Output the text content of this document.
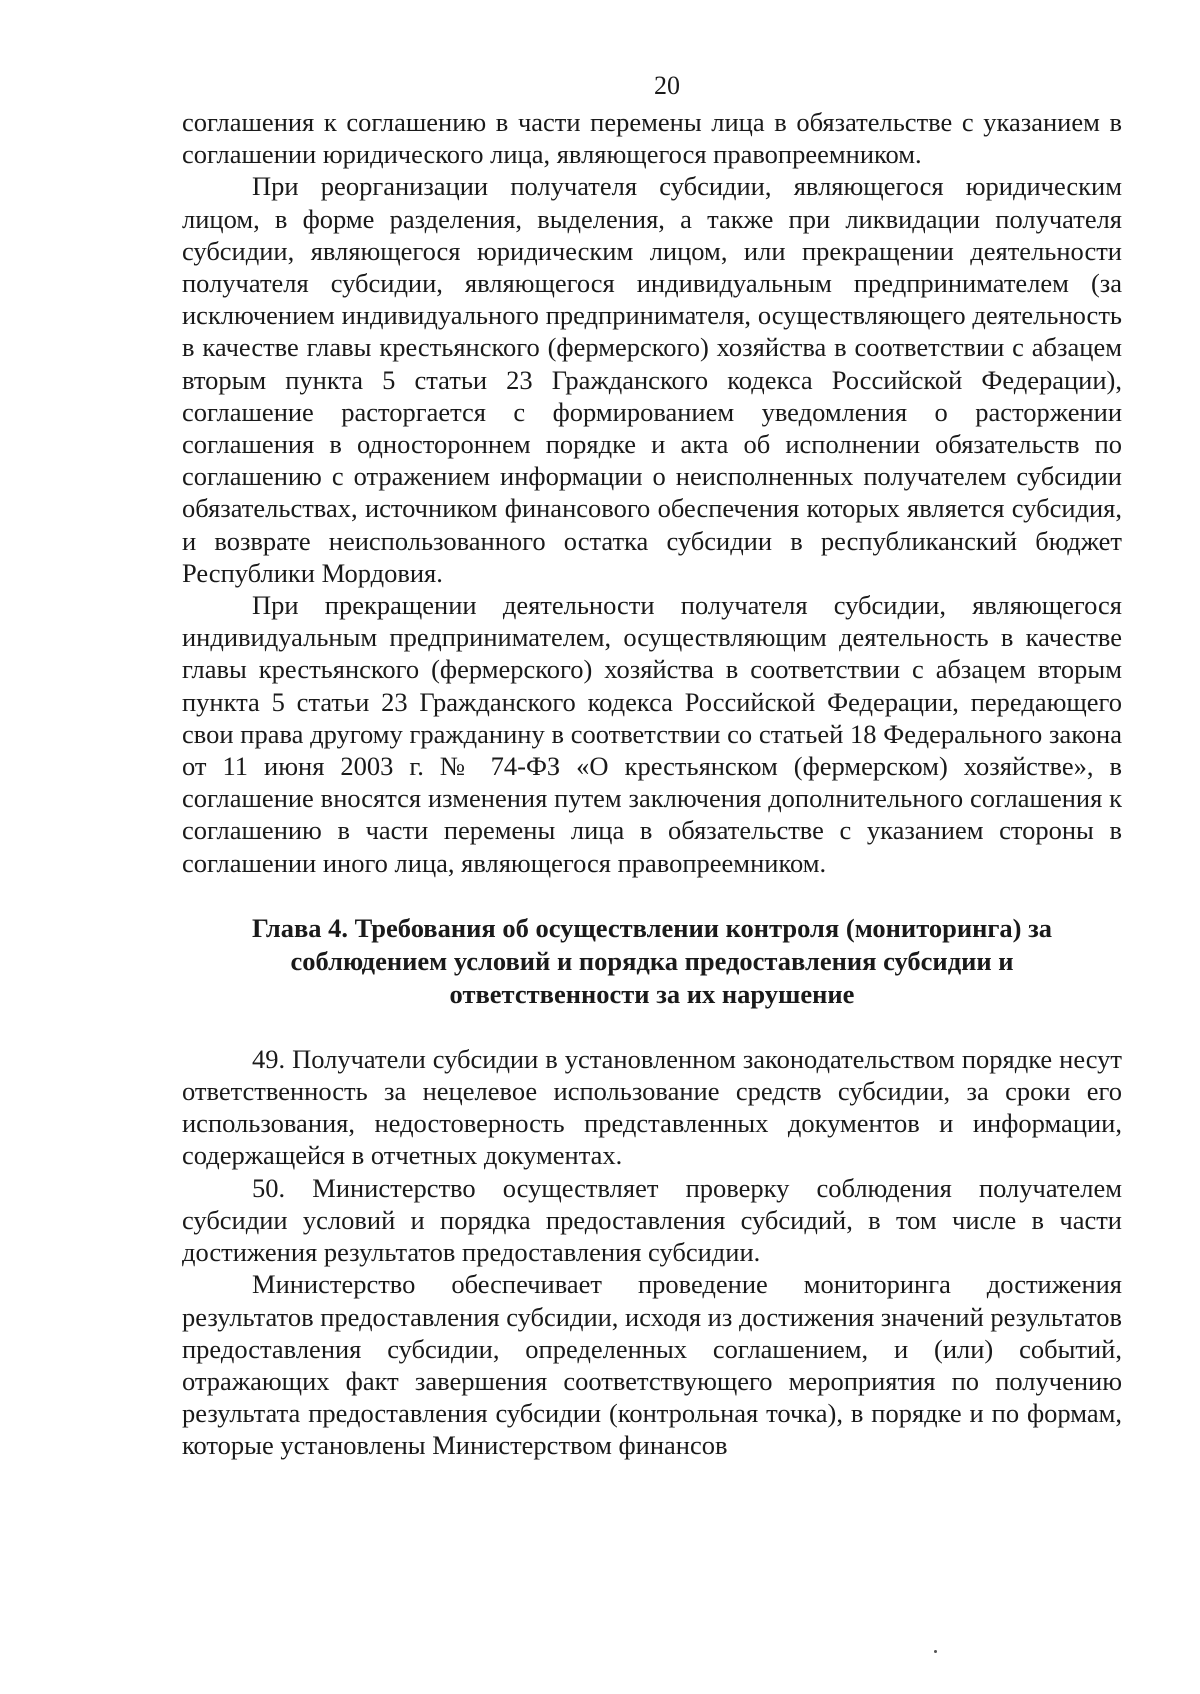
20

соглашения к соглашению в части перемены лица в обязательстве с указанием в соглашении юридического лица, являющегося правопреемником.

При реорганизации получателя субсидии, являющегося юридическим лицом, в форме разделения, выделения, а также при ликвидации получателя субсидии, являющегося юридическим лицом, или прекращении деятельности получателя субсидии, являющегося индивидуальным предпринимателем (за исключением индивидуального предпринимателя, осуществляющего деятельность в качестве главы крестьянского (фермерского) хозяйства в соответствии с абзацем вторым пункта 5 статьи 23 Гражданского кодекса Российской Федерации), соглашение расторгается с формированием уведомления о расторжении соглашения в одностороннем порядке и акта об исполнении обязательств по соглашению с отражением информации о неисполненных получателем субсидии обязательствах, источником финансового обеспечения которых является субсидия, и возврате неиспользованного остатка субсидии в республиканский бюджет Республики Мордовия.

При прекращении деятельности получателя субсидии, являющегося индивидуальным предпринимателем, осуществляющим деятельность в качестве главы крестьянского (фермерского) хозяйства в соответствии с абзацем вторым пункта 5 статьи 23 Гражданского кодекса Российской Федерации, передающего свои права другому гражданину в соответствии со статьей 18 Федерального закона от 11 июня 2003 г. № 74-ФЗ «О крестьянском (фермерском) хозяйстве», в соглашение вносятся изменения путем заключения дополнительного соглашения к соглашению в части перемены лица в обязательстве с указанием стороны в соглашении иного лица, являющегося правопреемником.

Глава 4. Требования об осуществлении контроля (мониторинга) за
соблюдением условий и порядка предоставления субсидии и
ответственности за их нарушение

49. Получатели субсидии в установленном законодательством порядке несут ответственность за нецелевое использование средств субсидии, за сроки его использования, недостоверность представленных документов и информации, содержащейся в отчетных документах.

50. Министерство осуществляет проверку соблюдения получателем субсидии условий и порядка предоставления субсидий, в том числе в части достижения результатов предоставления субсидии.

Министерство обеспечивает проведение мониторинга достижения результатов предоставления субсидии, исходя из достижения значений результатов предоставления субсидии, определенных соглашением, и (или) событий, отражающих факт завершения соответствующего мероприятия по получению результата предоставления субсидии (контрольная точка), в порядке и по формам, которые установлены Министерством финансов
